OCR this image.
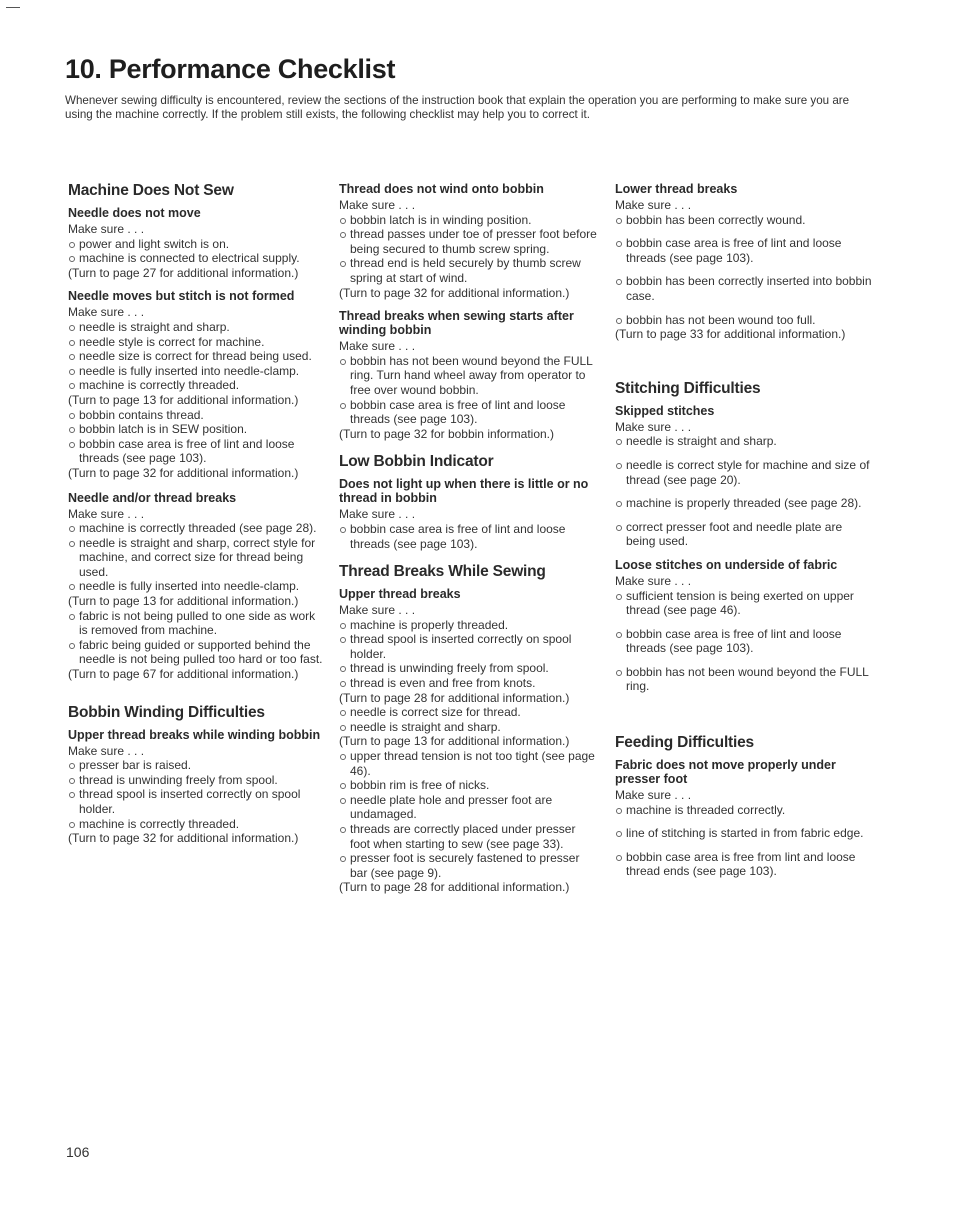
10. Performance Checklist

Whenever sewing difficulty is encountered, review the sections of the instruction book that explain the operation you are performing to make sure you are using the machine correctly. If the problem still exists, the following checklist may help you to correct it.

Machine Does Not Sew
Needle does not move

Make sure . . .

power and light switch is on.

machine is connected to electrical supply.

(Turn to page 27 for additional information.)

Needle moves but stitch is not formed

Make sure . . .

needle is straight and sharp.

needle style is correct for machine.

needle size is correct for thread being used.

needle is fully inserted into needle-clamp.

machine is correctly threaded.

(Turn to page 13 for additional information.)

bobbin contains thread.

bobbin latch is in SEW position.

bobbin case area is free of lint and loose threads (see page 103).

(Turn to page 32 for additional information.)

Needle and/or thread breaks

Make sure . . .

machine is correctly threaded (see page 28).

needle is straight and sharp, correct style for machine, and correct size for thread being used.

needle is fully inserted into needle-clamp.

(Turn to page 13 for additional information.)

fabric is not being pulled to one side as work is removed from machine.

fabric being guided or supported behind the needle is not being pulled too hard or too fast.

(Turn to page 67 for additional information.)

Bobbin Winding Difficulties
Upper thread breaks while winding bobbin

Make sure . . .

presser bar is raised.

thread is unwinding freely from spool.

thread spool is inserted correctly on spool holder.

machine is correctly threaded.

(Turn to page 32 for additional information.)

Thread does not wind onto bobbin

Make sure . . .

bobbin latch is in winding position.

thread passes under toe of presser foot before being secured to thumb screw spring.

thread end is held securely by thumb screw spring at start of wind.

(Turn to page 32 for additional information.)

Thread breaks when sewing starts after winding bobbin

Make sure . . .

bobbin has not been wound beyond the FULL ring. Turn hand wheel away from operator to free over wound bobbin.

bobbin case area is free of lint and loose threads (see page 103).

(Turn to page 32 for bobbin information.)

Low Bobbin Indicator
Does not light up when there is little or no thread in bobbin

Make sure . . .

bobbin case area is free of lint and loose threads (see page 103).

Thread Breaks While Sewing
Upper thread breaks

Make sure . . .

machine is properly threaded.

thread spool is inserted correctly on spool holder.

thread is unwinding freely from spool.

thread is even and free from knots.

(Turn to page 28 for additional information.)

needle is correct size for thread.

needle is straight and sharp.

(Turn to page 13 for additional information.)

upper thread tension is not too tight (see page 46).

bobbin rim is free of nicks.

needle plate hole and presser foot are undamaged.

threads are correctly placed under presser foot when starting to sew (see page 33).

presser foot is securely fastened to presser bar (see page 9).

(Turn to page 28 for additional information.)

Lower thread breaks

Make sure . . .

bobbin has been correctly wound.

bobbin case area is free of lint and loose threads (see page 103).

bobbin has been correctly inserted into bobbin case.

bobbin has not been wound too full.

(Turn to page 33 for additional information.)

Stitching Difficulties
Skipped stitches

Make sure . . .

needle is straight and sharp.

needle is correct style for machine and size of thread (see page 20).

machine is properly threaded (see page 28).

correct presser foot and needle plate are being used.

Loose stitches on underside of fabric

Make sure . . .

sufficient tension is being exerted on upper thread (see page 46).

bobbin case area is free of lint and loose threads (see page 103).

bobbin has not been wound beyond the FULL ring.

Feeding Difficulties
Fabric does not move properly under presser foot

Make sure . . .

machine is threaded correctly.

line of stitching is started in from fabric edge.

bobbin case area is free from lint and loose thread ends (see page 103).

106
